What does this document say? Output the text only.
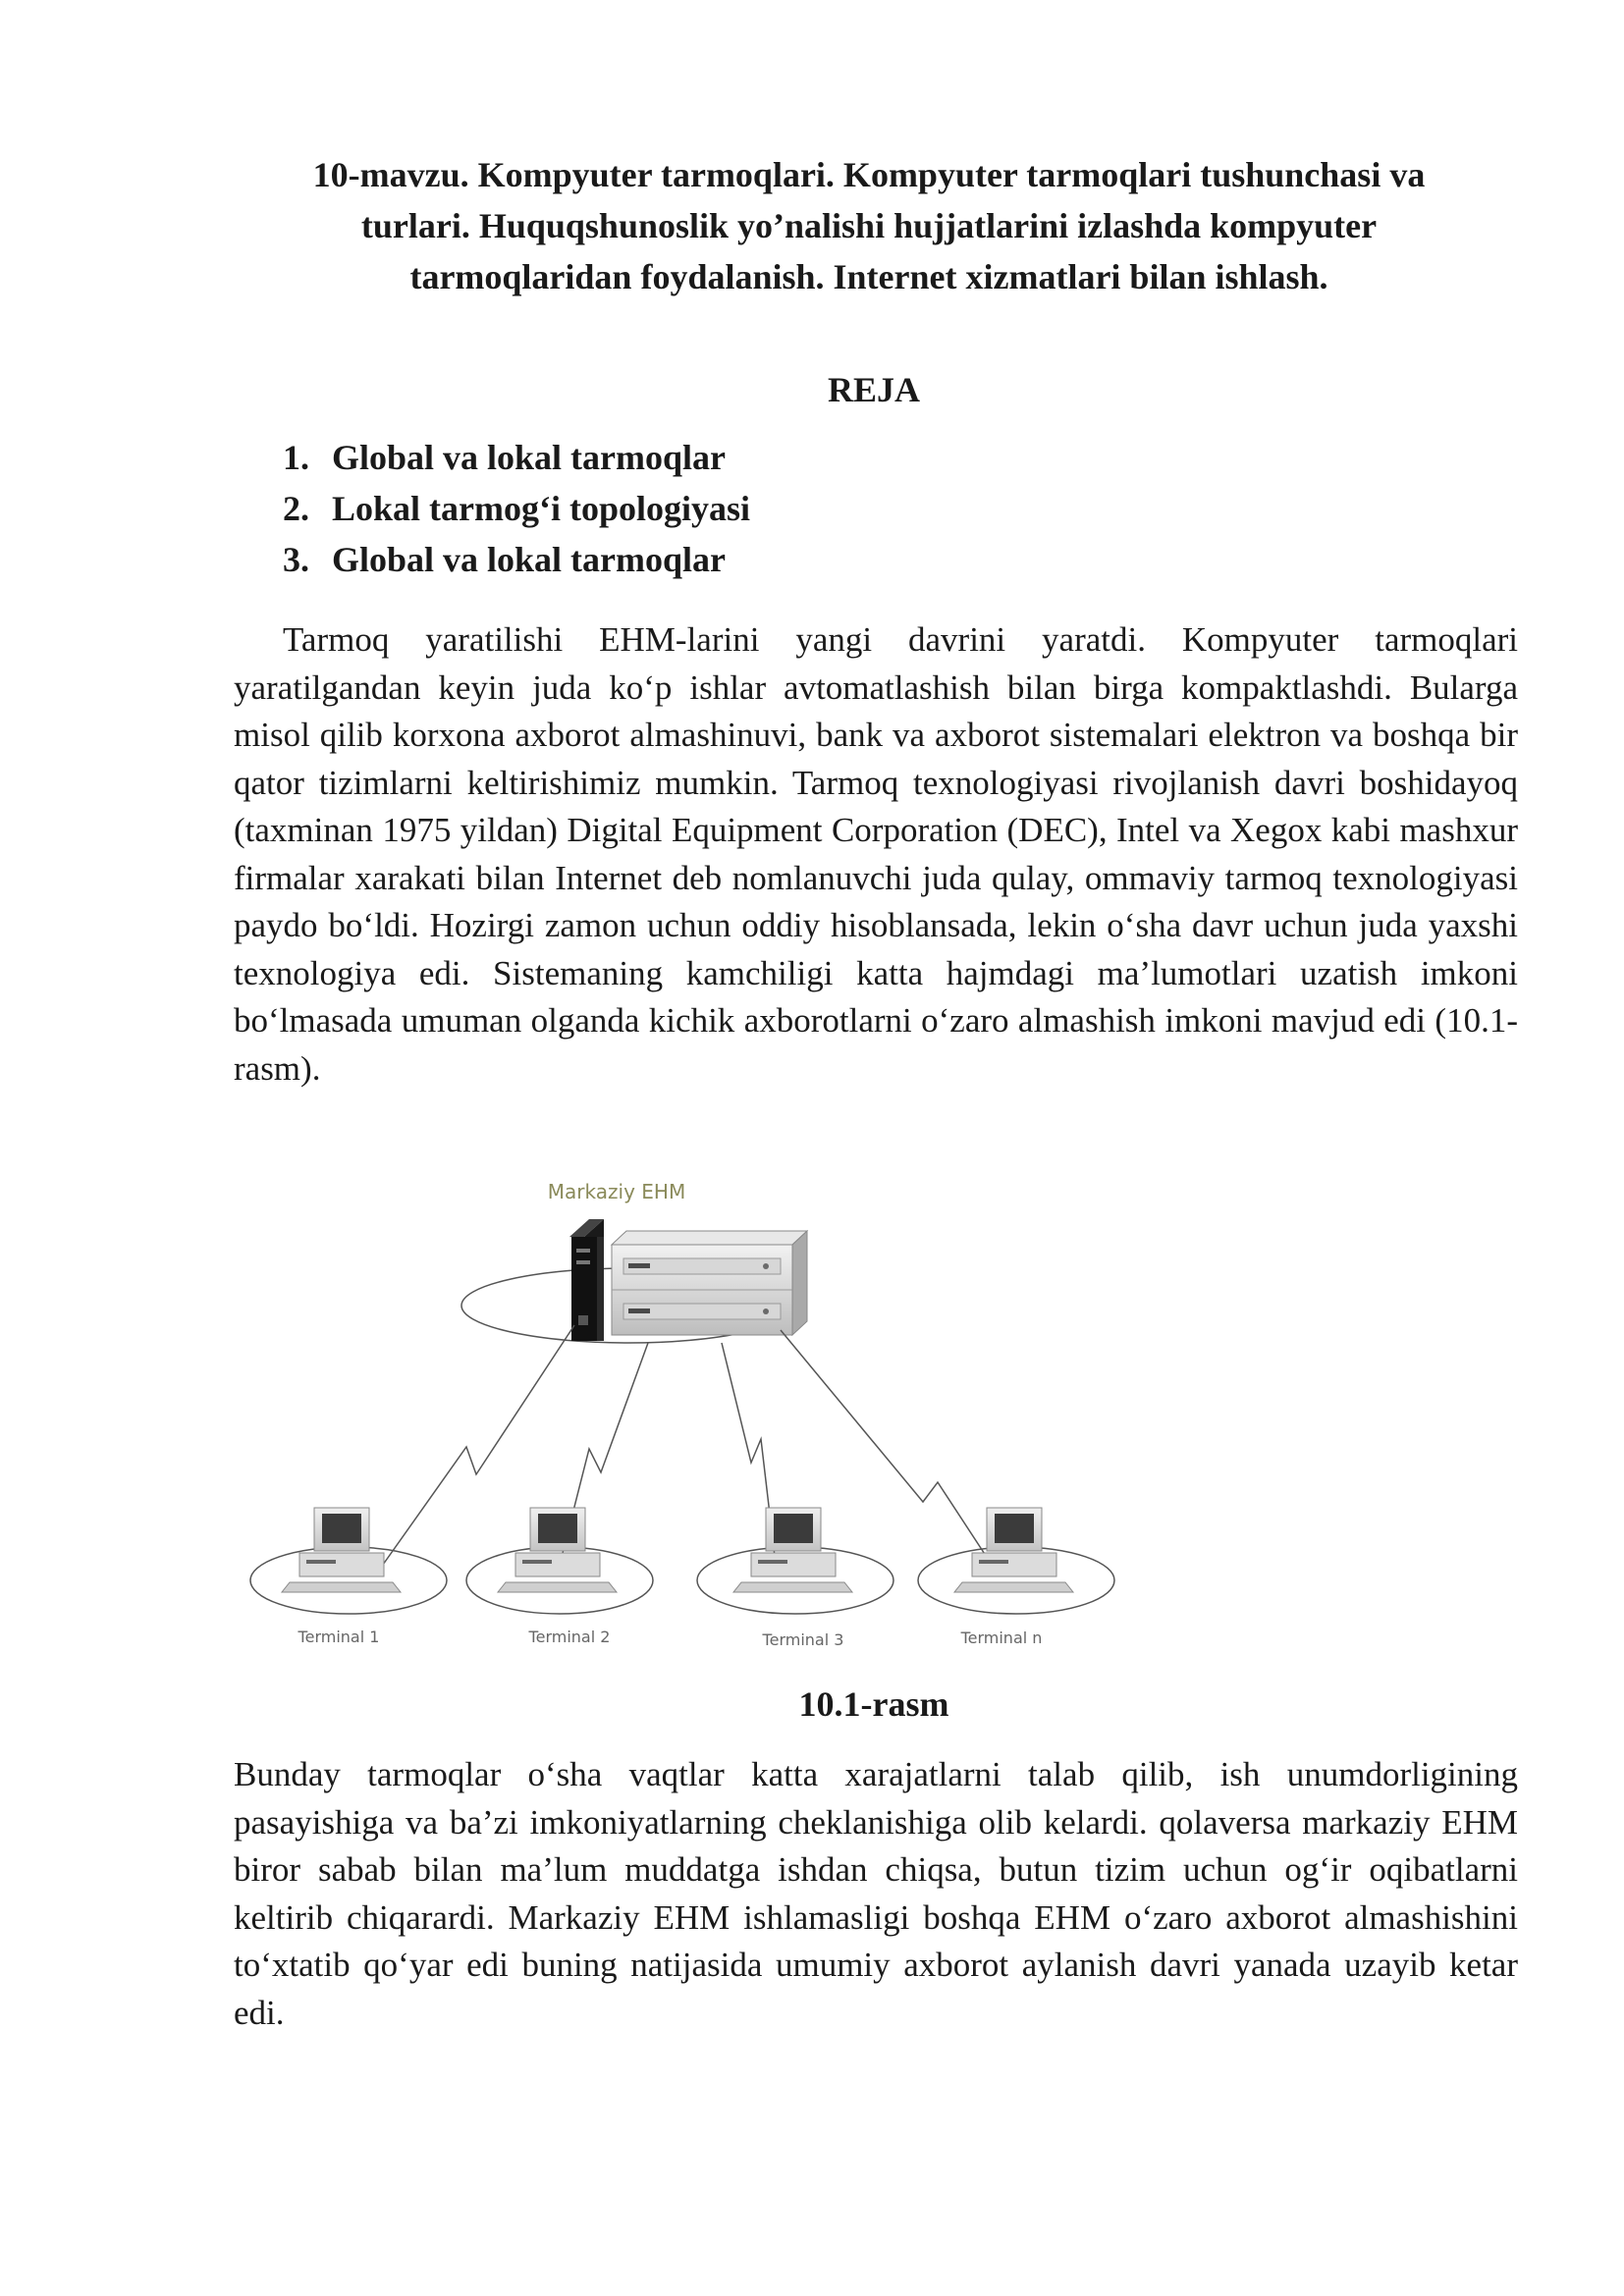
10-mavzu. Kompyuter tarmoqlari. Kompyuter tarmoqlari tushunchasi va
turlari. Huquqshunoslik yo’nalishi hujjatlarini izlashda kompyuter
tarmoqlaridan foydalanish. Internet xizmatlari bilan ishlash.
REJA
1. Global va lokal tarmoqlar
2. Lokal tarmog‘i topologiyasi
3. Global va lokal tarmoqlar

Tarmoq yaratilishi EHM-larini yangi davrini yaratdi. Kompyuter tarmoqlari yaratilgandan keyin juda ko‘p ishlar avtomatlashish bilan birga kompaktlashdi. Bularga misol qilib korxona axborot almashinuvi, bank va axborot sistemalari elektron va boshqa bir qator tizimlarni keltirishimiz mumkin. Tarmoq texnologiyasi rivojlanish davri boshidayoq (taxminan 1975 yildan) Digital Equipment Corporation (DEC), Intel va Xegox kabi mashxur firmalar xarakati bilan Internet deb nomlanuvchi juda qulay, ommaviy tarmoq texnologiyasi paydo bo‘ldi. Hozirgi zamon uchun oddiy hisoblansada, lekin o‘sha davr uchun juda yaxshi texnologiya edi. Sistemaning kamchiligi katta hajmdagi ma’lumotlari uzatish imkoni bo‘lmasada umuman olganda kichik axborotlarni o‘zaro almashish imkoni mavjud edi (10.1-rasm).

Markaziy EHM
Terminal 1	Terminal 2	Terminal 3	Terminal n
10.1-rasm

Bunday tarmoqlar o‘sha vaqtlar katta xarajatlarni talab qilib, ish unumdorligining pasayishiga va ba’zi imkoniyatlarning cheklanishiga olib kelardi. qolaversa markaziy EHM biror sabab bilan ma’lum muddatga ishdan chiqsa, butun tizim uchun og‘ir oqibatlarni keltirib chiqarardi. Markaziy EHM ishlamasligi boshqa EHM o‘zaro axborot almashishini to‘xtatib qo‘yar edi buning natijasida umumiy axborot aylanish davri yanada uzayib ketar edi.
